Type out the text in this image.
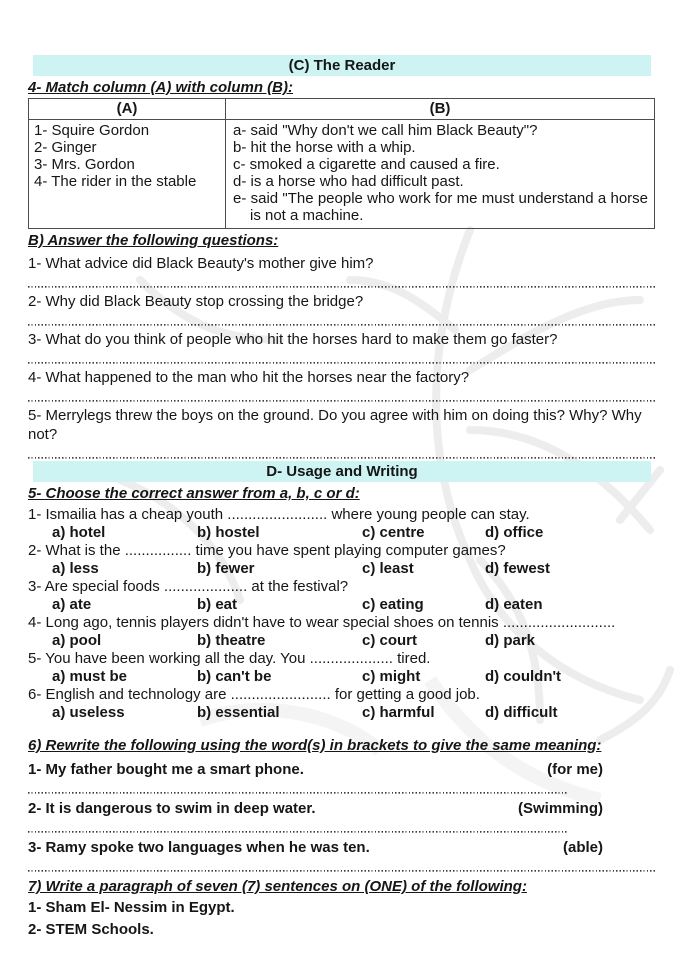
(C) The Reader
4- Match column (A) with column (B):
(A)	(B)
1- Squire Gordon
2- Ginger
3- Mrs. Gordon
4- The rider in the stable
a- said "Why don't we call him Black Beauty"?
b- hit the horse with a whip.
c- smoked a cigarette and caused a fire.
d- is a horse who had difficult past.
e- said "The people who work for me must understand a horse is not a machine.
B) Answer the following questions:
1- What advice did Black Beauty's mother give him?
2- Why did Black Beauty stop crossing the bridge?
3- What do you think of people who hit the horses hard to make them go faster?
4- What happened to the man who hit the horses near the factory?
5- Merrylegs threw the boys on the ground. Do you agree with him on doing this? Why? Why not?
D- Usage and Writing
5- Choose the correct answer from a, b, c or d:
1- Ismailia has a cheap youth ........................ where young people can stay.
a) hotel	b) hostel	c) centre	d) office
2- What is the ................ time you have spent playing computer games?
a) less	b) fewer	c) least	d) fewest
3- Are special foods .................... at the festival?
a) ate	b) eat	c) eating	d) eaten
4- Long ago, tennis players didn't have to wear special shoes on tennis ...........................
a) pool	b) theatre	c) court	d) park
5- You have been working all the day. You .................... tired.
a) must be	b) can't be	c) might	d) couldn't
6- English and technology are ........................ for getting a good job.
a) useless	b) essential	c) harmful	d) difficult
6) Rewrite the following using the word(s) in brackets to give the same meaning:
1- My father bought me a smart phone.	(for me)
2- It is dangerous to swim in deep water.	(Swimming)
3- Ramy spoke two languages when he was ten.	(able)
7) Write a paragraph of seven (7) sentences on (ONE) of the following:
1- Sham El- Nessim in Egypt.
2- STEM Schools.
